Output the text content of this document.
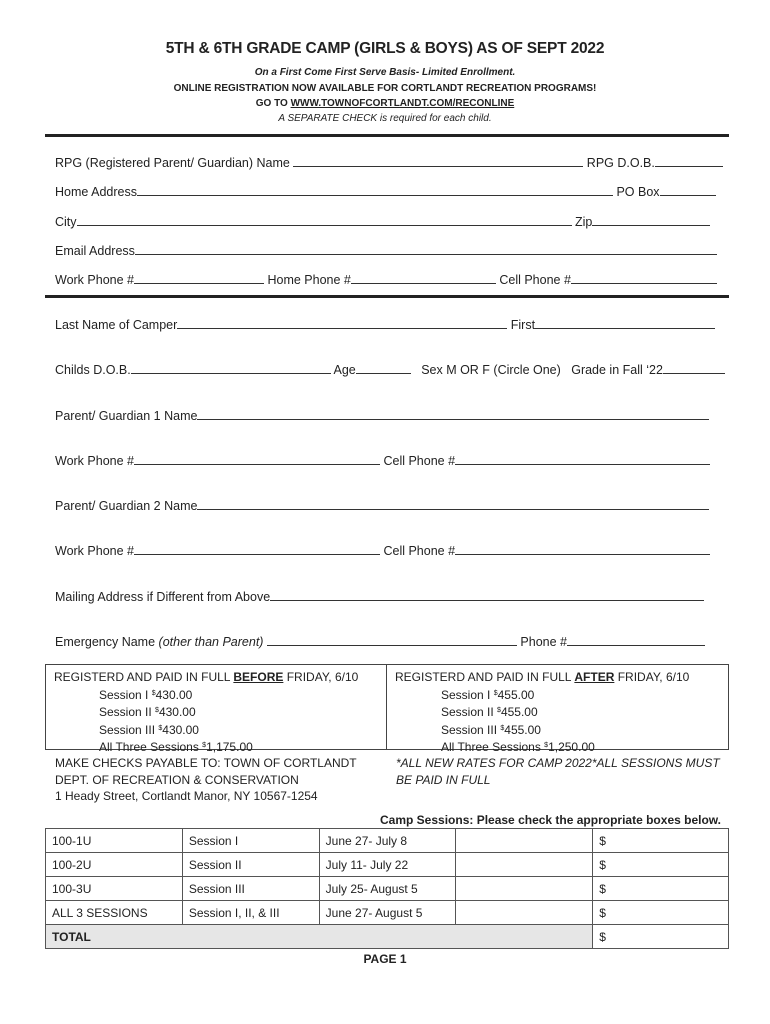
5TH & 6TH GRADE CAMP (GIRLS & BOYS) AS OF SEPT 2022
On a First Come First Serve Basis- Limited Enrollment.
ONLINE REGISTRATION NOW AVAILABLE FOR CORTLANDT RECREATION PROGRAMS!
GO TO WWW.TOWNOFCORTLANDT.COM/RECONLINE
A SEPARATE CHECK is required for each child.
RPG (Registered Parent/ Guardian) Name	RPG D.O.B.
Home Address	PO Box
City	Zip
Email Address
Work Phone #	Home Phone #	Cell Phone #
Last Name of Camper	First
Childs D.O.B.	Age	Sex M OR F (Circle One) Grade in Fall ‘22
Parent/ Guardian 1 Name
Work Phone #	Cell Phone #
Parent/ Guardian 2 Name
Work Phone #	Cell Phone #
Mailing Address if Different from Above
Emergency Name (other than Parent)	Phone #
REGISTERD AND PAID IN FULL BEFORE FRIDAY, 6/10
Session I $430.00
Session II $430.00
Session III $430.00
All Three Sessions $1,175.00
REGISTERD AND PAID IN FULL AFTER FRIDAY, 6/10
Session I $455.00
Session II $455.00
Session III $455.00
All Three Sessions $1,250.00
MAKE CHECKS PAYABLE TO: TOWN OF CORTLANDT
DEPT. OF RECREATION & CONSERVATION
1 Heady Street, Cortlandt Manor, NY 10567-1254
*ALL NEW RATES FOR CAMP 2022*ALL SESSIONS MUST
BE PAID IN FULL
Camp Sessions: Please check the appropriate boxes below.
100-1U	Session I	June 27- July 8		$
100-2U	Session II	July 11- July 22		$
100-3U	Session III	July 25- August 5		$
ALL 3 SESSIONS	Session I, II, & III	June 27- August 5		$
TOTAL				$
PAGE 1
